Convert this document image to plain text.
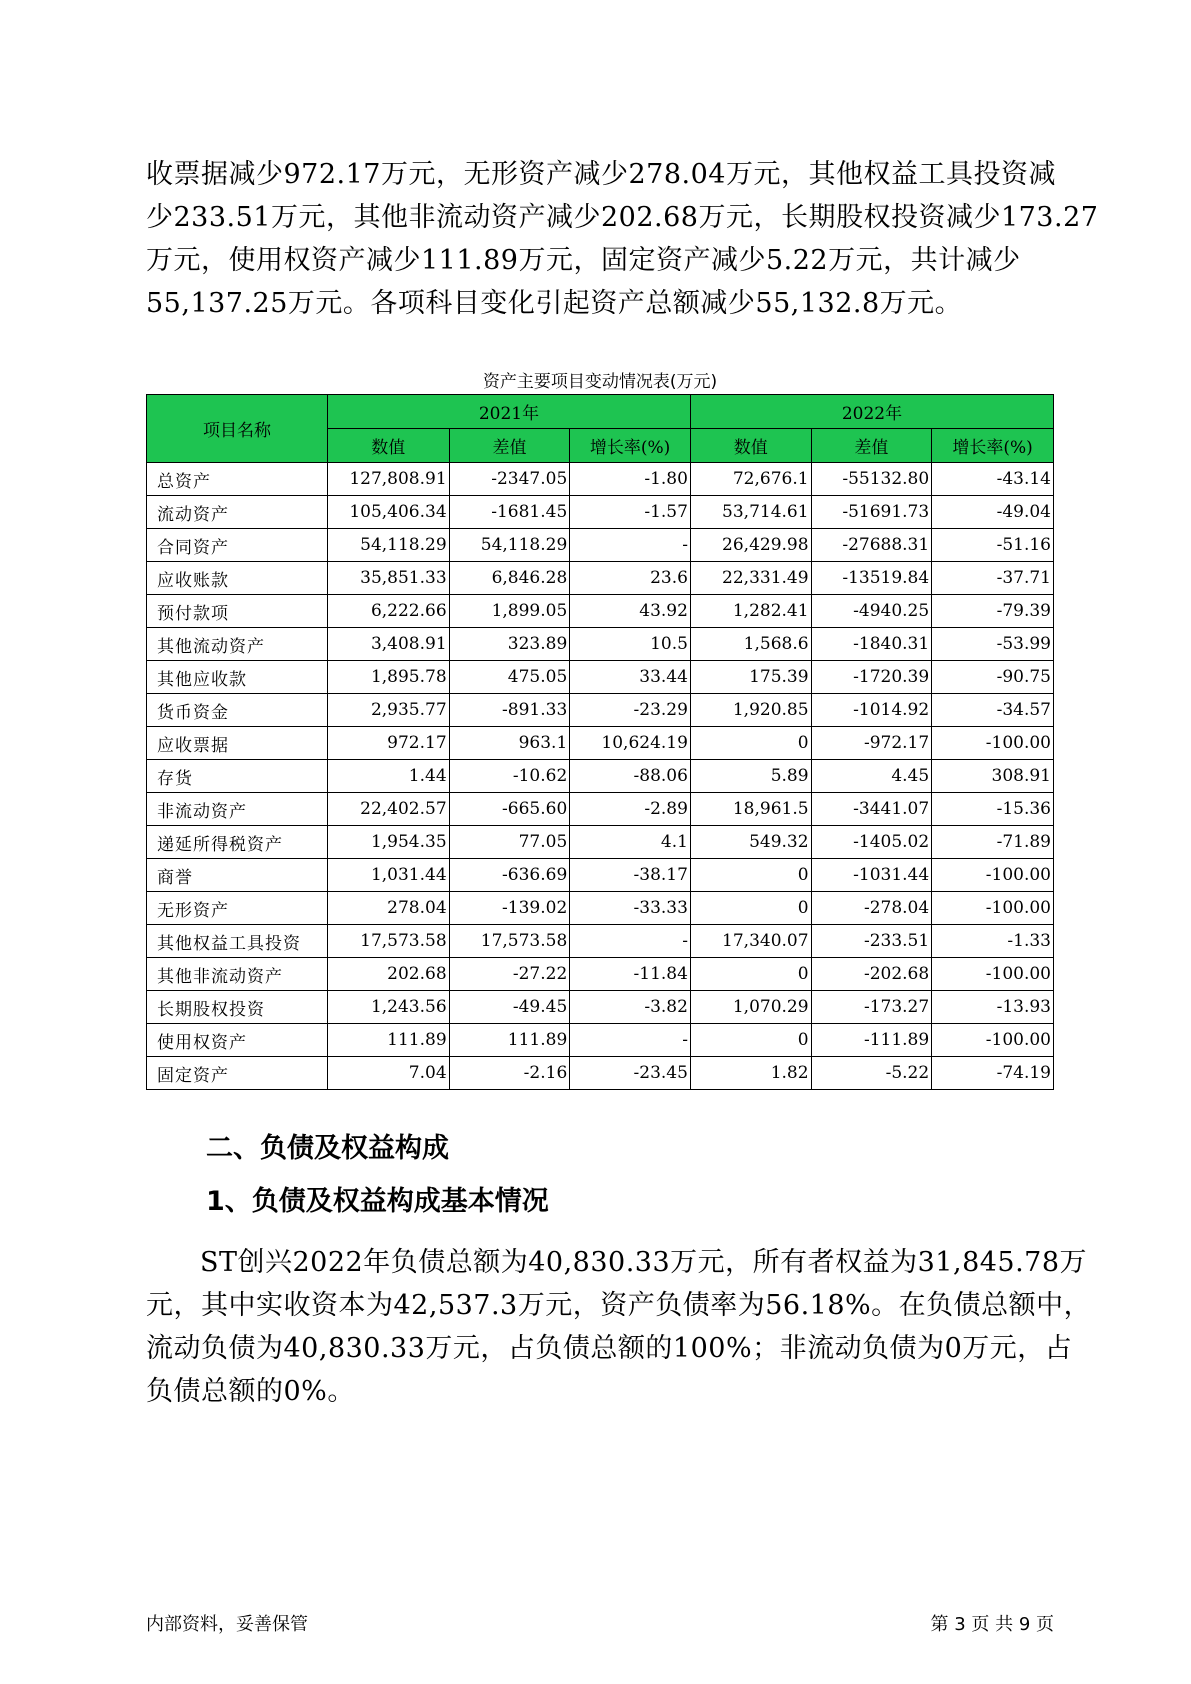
收票据减少972.17万元，无形资产减少278.04万元，其他权益工具投资减
少233.51万元，其他非流动资产减少202.68万元，长期股权投资减少173.27
万元，使用权资产减少111.89万元，固定资产减少5.22万元，共计减少
55,137.25万元。各项科目变化引起资产总额减少55,132.8万元。
资产主要项目变动情况表(万元)
项目名称	2021年			2022年		
	数值	差值	增长率(%)	数值	差值	增长率(%)
总资产	127,808.91	-2347.05	-1.80	72,676.1	-55132.80	-43.14
流动资产	105,406.34	-1681.45	-1.57	53,714.61	-51691.73	-49.04
合同资产	54,118.29	54,118.29	-	26,429.98	-27688.31	-51.16
应收账款	35,851.33	6,846.28	23.6	22,331.49	-13519.84	-37.71
预付款项	6,222.66	1,899.05	43.92	1,282.41	-4940.25	-79.39
其他流动资产	3,408.91	323.89	10.5	1,568.6	-1840.31	-53.99
其他应收款	1,895.78	475.05	33.44	175.39	-1720.39	-90.75
货币资金	2,935.77	-891.33	-23.29	1,920.85	-1014.92	-34.57
应收票据	972.17	963.1	10,624.19	0	-972.17	-100.00
存货	1.44	-10.62	-88.06	5.89	4.45	308.91
非流动资产	22,402.57	-665.60	-2.89	18,961.5	-3441.07	-15.36
递延所得税资产	1,954.35	77.05	4.1	549.32	-1405.02	-71.89
商誉	1,031.44	-636.69	-38.17	0	-1031.44	-100.00
无形资产	278.04	-139.02	-33.33	0	-278.04	-100.00
其他权益工具投资	17,573.58	17,573.58	-	17,340.07	-233.51	-1.33
其他非流动资产	202.68	-27.22	-11.84	0	-202.68	-100.00
长期股权投资	1,243.56	-49.45	-3.82	1,070.29	-173.27	-13.93
使用权资产	111.89	111.89	-	0	-111.89	-100.00
固定资产	7.04	-2.16	-23.45	1.82	-5.22	-74.19
二、负债及权益构成
1、负债及权益构成基本情况
ST创兴2022年负债总额为40,830.33万元，所有者权益为31,845.78万
元，其中实收资本为42,537.3万元，资产负债率为56.18%。在负债总额中，
流动负债为40,830.33万元，占负债总额的100%；非流动负债为0万元，占
负债总额的0%。
内部资料，妥善保管	第 3 页 共 9 页
